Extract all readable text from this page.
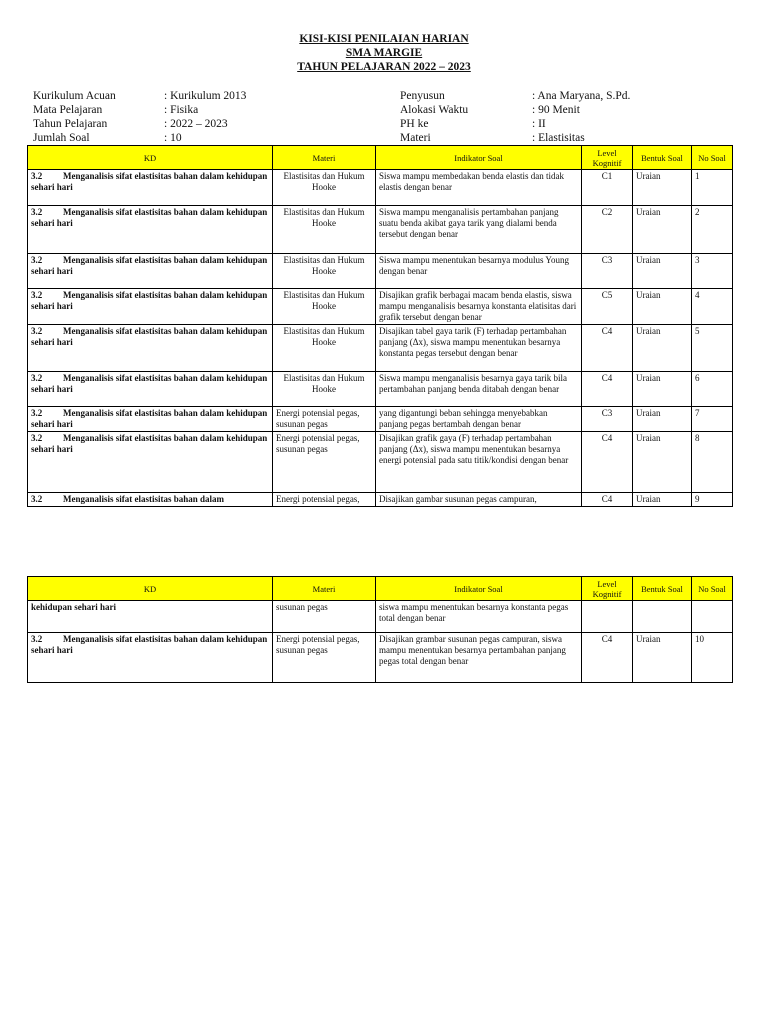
KISI-KISI PENILAIAN HARIAN
SMA MARGIE
TAHUN PELAJARAN 2022 – 2023
Kurikulum Acuan	: Kurikulum 2013
Mata Pelajaran	: Fisika
Tahun Pelajaran	: 2022 – 2023
Jumlah Soal	: 10
Penyusun	: Ana Maryana, S.Pd.
Alokasi Waktu	: 90 Menit
PH ke	: II
Materi	: Elastisitas
KD	Materi	Indikator Soal	Level Kognitif	Bentuk Soal	No Soal
3.2 Menganalisis sifat elastisitas bahan dalam kehidupan sehari hari	Elastisitas dan Hukum Hooke	Siswa mampu membedakan benda elastis dan tidak elastis dengan benar	C1	Uraian	1
3.2 Menganalisis sifat elastisitas bahan dalam kehidupan sehari hari	Elastisitas dan Hukum Hooke	Siswa mampu menganalisis pertambahan panjang suatu benda akibat gaya tarik yang dialami benda tersebut dengan benar	C2	Uraian	2
3.2 Menganalisis sifat elastisitas bahan dalam kehidupan sehari hari	Elastisitas dan Hukum Hooke	Siswa mampu menentukan besarnya modulus Young dengan benar	C3	Uraian	3
3.2 Menganalisis sifat elastisitas bahan dalam kehidupan sehari hari	Elastisitas dan Hukum Hooke	Disajikan grafik berbagai macam benda elastis, siswa mampu menganalisis besarnya konstanta elatisitas dari grafik tersebut dengan benar	C5	Uraian	4
3.2 Menganalisis sifat elastisitas bahan dalam kehidupan sehari hari	Elastisitas dan Hukum Hooke	Disajikan tabel gaya tarik (F) terhadap pertambahan panjang (Δx), siswa mampu menentukan besarnya konstanta pegas tersebut dengan benar	C4	Uraian	5
3.2 Menganalisis sifat elastisitas bahan dalam kehidupan sehari hari	Elastisitas dan Hukum Hooke	Siswa mampu menganalisis besarnya gaya tarik bila pertambahan panjang benda ditabah dengan benar	C4	Uraian	6
3.2 Menganalisis sifat elastisitas bahan dalam kehidupan sehari hari	Energi potensial pegas, susunan pegas	yang digantungi beban sehingga menyebabkan panjang pegas bertambah dengan benar	C3	Uraian	7
3.2 Menganalisis sifat elastisitas bahan dalam kehidupan sehari hari	Energi potensial pegas, susunan pegas	Disajikan grafik gaya (F) terhadap pertambahan panjang (Δx), siswa mampu menentukan besarnya energi potensial pada satu titik/kondisi dengan benar	C4	Uraian	8
3.2 Menganalisis sifat elastisitas bahan dalam	Energi potensial pegas,	Disajikan gambar susunan pegas campuran,	C4	Uraian	9
KD	Materi	Indikator Soal	Level Kognitif	Bentuk Soal	No Soal
kehidupan sehari hari	susunan pegas	siswa mampu menentukan besarnya konstanta pegas total dengan benar			
3.2 Menganalisis sifat elastisitas bahan dalam kehidupan sehari hari	Energi potensial pegas, susunan pegas	Disajikan grambar susunan pegas campuran, siswa mampu menentukan besarnya pertambahan panjang pegas total dengan benar	C4	Uraian	10
